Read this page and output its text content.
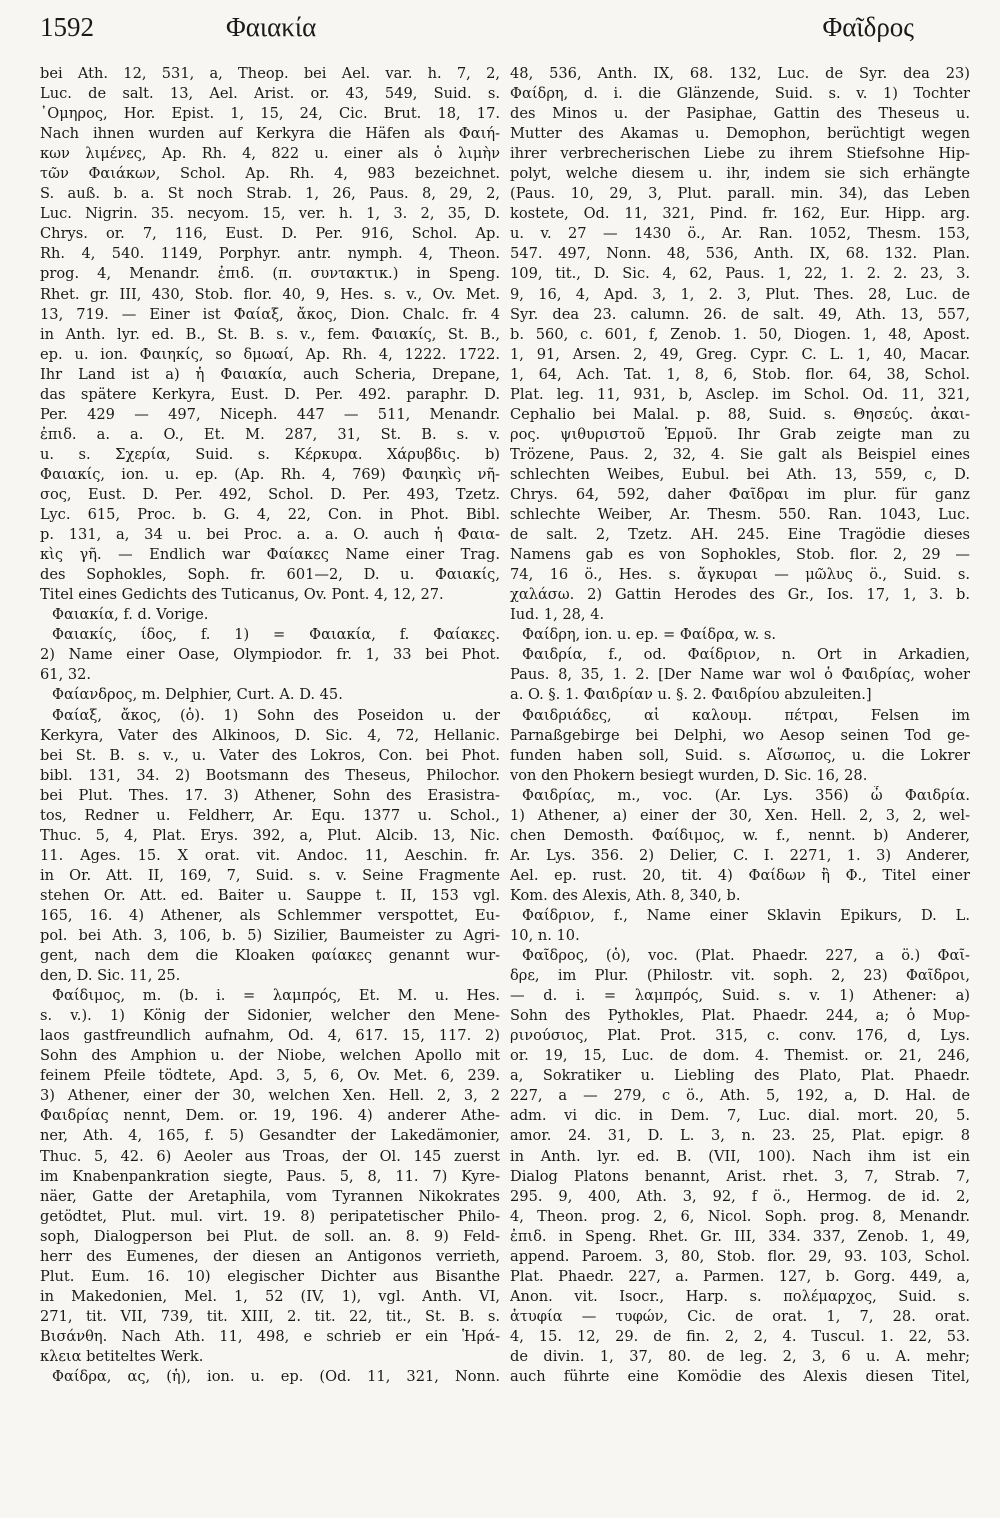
1592	Φαιακία	Φαῖδρος
bei Ath. 12, 531, a, Theop. bei Ael. var. h. 7, 2,
Luc. de salt. 13, Ael. Arist. or. 43, 549, Suid. s.
᾿Ομηρος, Hor. Epist. 1, 15, 24, Cic. Brut. 18, 17.
Nach ihnen wurden auf Kerkyra die Häfen als Φαιή-
κων λιμένες, Ap. Rh. 4, 822 u. einer als ὁ λιμὴν
τῶν Φαιάκων, Schol. Ap. Rh. 4, 983 bezeichnet.
S. auß. b. a. St noch Strab. 1, 26, Paus. 8, 29, 2,
Luc. Nigrin. 35. necyom. 15, ver. h. 1, 3. 2, 35, D.
Chrys. or. 7, 116, Eust. D. Per. 916, Schol. Ap.
Rh. 4, 540. 1149, Porphyr. antr. nymph. 4, Theon.
prog. 4, Menandr. ἐπιδ. (π. συντακτικ.) in Speng.
Rhet. gr. III, 430, Stob. flor. 40, 9, Hes. s. v., Ov. Met.
13, 719. — Einer ist Φαίαξ, ἄκος, Dion. Chalc. fr. 4
in Anth. lyr. ed. B., St. B. s. v., fem. Φαιακίς, St. B.,
ep. u. ion. Φαιηκίς, so δμωαί, Ap. Rh. 4, 1222. 1722.
Ihr Land ist a) ἡ Φαιακία, auch Scheria, Drepane,
das spätere Kerkyra, Eust. D. Per. 492. paraphr. D.
Per. 429 — 497, Niceph. 447 — 511, Menandr.
ἐπιδ. a. a. O., Et. M. 287, 31, St. B. s. v.
u. s. Σχερία, Suid. s. Κέρκυρα. Χάρυβδις. b)
Φαιακίς, ion. u. ep. (Ap. Rh. 4, 769) Φαιηκὶς νῆ-
σος, Eust. D. Per. 492, Schol. D. Per. 493, Tzetz.
Lyc. 615, Proc. b. G. 4, 22, Con. in Phot. Bibl.
p. 131, a, 34 u. bei Proc. a. a. O. auch ἡ Φαια-
κὶς γῆ. — Endlich war Φαίακες Name einer Trag.
des Sophokles, Soph. fr. 601—2, D. u. Φαιακίς,
Titel eines Gedichts des Tuticanus, Ov. Pont. 4, 12, 27.
Φαιακία, f. d. Vorige.
Φαιακίς, ίδος, f. 1) = Φαιακία, f. Φαίακες.
2) Name einer Oase, Olympiodor. fr. 1, 33 bei Phot.
61, 32.
Φαίανδρος, m. Delphier, Curt. A. D. 45.
Φαίαξ, ἄκος, (ὁ). 1) Sohn des Poseidon u. der
Kerkyra, Vater des Alkinoos, D. Sic. 4, 72, Hellanic.
bei St. B. s. v., u. Vater des Lokros, Con. bei Phot.
bibl. 131, 34. 2) Bootsmann des Theseus, Philochor.
bei Plut. Thes. 17. 3) Athener, Sohn des Erasistra-
tos, Redner u. Feldherr, Ar. Equ. 1377 u. Schol.,
Thuc. 5, 4, Plat. Erys. 392, a, Plut. Alcib. 13, Nic.
11. Ages. 15. X orat. vit. Andoc. 11, Aeschin. fr.
in Or. Att. II, 169, 7, Suid. s. v. Seine Fragmente
stehen Or. Att. ed. Baiter u. Sauppe t. II, 153 vgl.
165, 16. 4) Athener, als Schlemmer verspottet, Eu-
pol. bei Ath. 3, 106, b. 5) Sizilier, Baumeister zu Agri-
gent, nach dem die Kloaken φαίακες genannt wur-
den, D. Sic. 11, 25.
Φαίδιμος, m. (b. i. = λαμπρός, Et. M. u. Hes.
s. v.). 1) König der Sidonier, welcher den Mene-
laos gastfreundlich aufnahm, Od. 4, 617. 15, 117. 2)
Sohn des Amphion u. der Niobe, welchen Apollo mit
feinem Pfeile tödtete, Apd. 3, 5, 6, Ov. Met. 6, 239.
3) Athener, einer der 30, welchen Xen. Hell. 2, 3, 2
Φαιδρίας nennt, Dem. or. 19, 196. 4) anderer Athe-
ner, Ath. 4, 165, f. 5) Gesandter der Lakedämonier,
Thuc. 5, 42. 6) Aeoler aus Troas, der Ol. 145 zuerst
im Knabenpankration siegte, Paus. 5, 8, 11. 7) Kyre-
näer, Gatte der Aretaphila, vom Tyrannen Nikokrates
getödtet, Plut. mul. virt. 19. 8) peripatetischer Philo-
soph, Dialogperson bei Plut. de soll. an. 8. 9) Feld-
herr des Eumenes, der diesen an Antigonos verrieth,
Plut. Eum. 16. 10) elegischer Dichter aus Bisanthe
in Makedonien, Mel. 1, 52 (IV, 1), vgl. Anth. VI,
271, tit. VII, 739, tit. XIII, 2. tit. 22, tit., St. B. s.
Βισάνθη. Nach Ath. 11, 498, e schrieb er ein Ἡρά-
κλεια betiteltes Werk.
Φαίδρα, ας, (ἡ), ion. u. ep. (Od. 11, 321, Nonn.
48, 536, Anth. IX, 68. 132, Luc. de Syr. dea 23)
Φαίδρη, d. i. die Glänzende, Suid. s. v. 1) Tochter
des Minos u. der Pasiphae, Gattin des Theseus u.
Mutter des Akamas u. Demophon, berüchtigt wegen
ihrer verbrecherischen Liebe zu ihrem Stiefsohne Hip-
polyt, welche diesem u. ihr, indem sie sich erhängte
(Paus. 10, 29, 3, Plut. parall. min. 34), das Leben
kostete, Od. 11, 321, Pind. fr. 162, Eur. Hipp. arg.
u. v. 27 — 1430 ö., Ar. Ran. 1052, Thesm. 153,
547. 497, Nonn. 48, 536, Anth. IX, 68. 132. Plan.
109, tit., D. Sic. 4, 62, Paus. 1, 22, 1. 2. 2. 23, 3.
9, 16, 4, Apd. 3, 1, 2. 3, Plut. Thes. 28, Luc. de
Syr. dea 23. calumn. 26. de salt. 49, Ath. 13, 557,
b. 560, c. 601, f, Zenob. 1. 50, Diogen. 1, 48, Apost.
1, 91, Arsen. 2, 49, Greg. Cypr. C. L. 1, 40, Macar.
1, 64, Ach. Tat. 1, 8, 6, Stob. flor. 64, 38, Schol.
Plat. leg. 11, 931, b, Asclep. im Schol. Od. 11, 321,
Cephalio bei Malal. p. 88, Suid. s. Θησεύς. ἀκαι-
ρος. ψιθυριστοῦ Ἑρμοῦ. Ihr Grab zeigte man zu
Trözene, Paus. 2, 32, 4. Sie galt als Beispiel eines
schlechten Weibes, Eubul. bei Ath. 13, 559, c, D.
Chrys. 64, 592, daher Φαῖδραι im plur. für ganz
schlechte Weiber, Ar. Thesm. 550. Ran. 1043, Luc.
de salt. 2, Tzetz. AH. 245. Eine Tragödie dieses
Namens gab es von Sophokles, Stob. flor. 2, 29 —
74, 16 ö., Hes. s. ἄγκυραι — μῶλυς ö., Suid. s.
χαλάσω. 2) Gattin Herodes des Gr., Ios. 17, 1, 3. b.
Iud. 1, 28, 4.
Φαίδρη, ion. u. ep. = Φαίδρα, w. s.
Φαιδρία, f., od. Φαίδριον, n. Ort in Arkadien,
Paus. 8, 35, 1. 2. [Der Name war wol ὁ Φαιδρίας, woher
a. O. §. 1. Φαιδρίαν u. §. 2. Φαιδρίου abzuleiten.]
Φαιδριάδες, αἱ καλουμ. πέτραι, Felsen im
Parnaßgebirge bei Delphi, wo Aesop seinen Tod ge-
funden haben soll, Suid. s. Αἴσωπος, u. die Lokrer
von den Phokern besiegt wurden, D. Sic. 16, 28.
Φαιδρίας, m., voc. (Ar. Lys. 356) ὦ Φαιδρία.
1) Athener, a) einer der 30, Xen. Hell. 2, 3, 2, wel-
chen Demosth. Φαίδιμος, w. f., nennt. b) Anderer,
Ar. Lys. 356. 2) Delier, C. I. 2271, 1. 3) Anderer,
Ael. ep. rust. 20, tit. 4) Φαίδων ἢ Φ., Titel einer
Kom. des Alexis, Ath. 8, 340, b.
Φαίδριον, f., Name einer Sklavin Epikurs, D. L.
10, n. 10.
Φαῖδρος, (ὁ), voc. (Plat. Phaedr. 227, a ö.) Φαῖ-
δρε, im Plur. (Philostr. vit. soph. 2, 23) Φαῖδροι,
— d. i. = λαμπρός, Suid. s. v. 1) Athener: a)
Sohn des Pythokles, Plat. Phaedr. 244, a; ὁ Μυρ-
ρινούσιος, Plat. Prot. 315, c. conv. 176, d, Lys.
or. 19, 15, Luc. de dom. 4. Themist. or. 21, 246,
a, Sokratiker u. Liebling des Plato, Plat. Phaedr.
227, a — 279, c ö., Ath. 5, 192, a, D. Hal. de
adm. vi dic. in Dem. 7, Luc. dial. mort. 20, 5.
amor. 24. 31, D. L. 3, n. 23. 25, Plat. epigr. 8
in Anth. lyr. ed. B. (VII, 100). Nach ihm ist ein
Dialog Platons benannt, Arist. rhet. 3, 7, Strab. 7,
295. 9, 400, Ath. 3, 92, f ö., Hermog. de id. 2,
4, Theon. prog. 2, 6, Nicol. Soph. prog. 8, Menandr.
ἐπιδ. in Speng. Rhet. Gr. III, 334. 337, Zenob. 1, 49,
append. Paroem. 3, 80, Stob. flor. 29, 93. 103, Schol.
Plat. Phaedr. 227, a. Parmen. 127, b. Gorg. 449, a,
Anon. vit. Isocr., Harp. s. πολέμαρχος, Suid. s.
ἀτυφία — τυφών, Cic. de orat. 1, 7, 28. orat.
4, 15. 12, 29. de fin. 2, 2, 4. Tuscul. 1. 22, 53.
de divin. 1, 37, 80. de leg. 2, 3, 6 u. A. mehr;
auch führte eine Komödie des Alexis diesen Titel,
